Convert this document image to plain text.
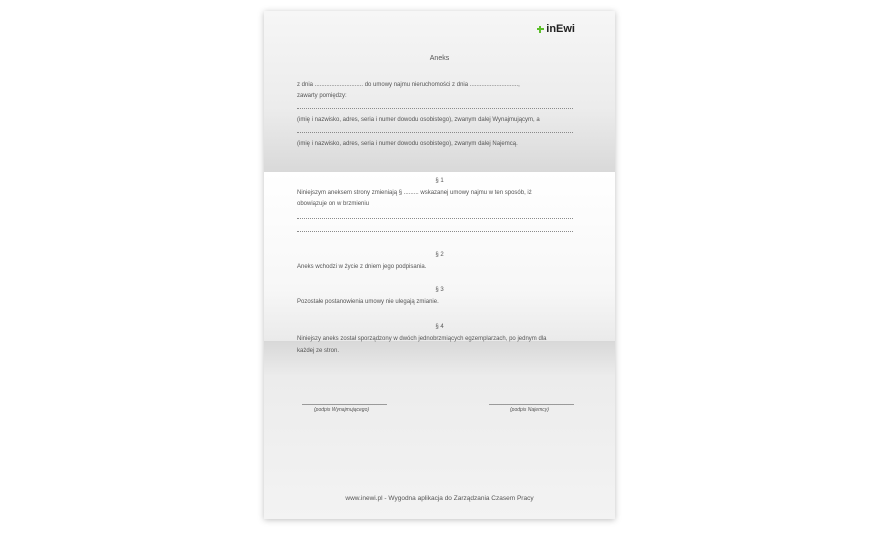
inEwi
Aneks
z dnia ............................. do umowy najmu nieruchomości z dnia .............................,
zawarty pomiędzy:
(imię i nazwisko, adres, seria i numer dowodu osobistego), zwanym dalej Wynajmującym, a
(imię i nazwisko, adres, seria i numer dowodu osobistego), zwanym dalej Najemcą.
§ 1
Niniejszym aneksem strony zmieniają § ......... wskazanej umowy najmu w ten sposób, iż
obowiązuje on w brzmieniu
§ 2
Aneks wchodzi w życie z dniem jego podpisania.
§ 3
Pozostałe postanowienia umowy nie ulegają zmianie.
§ 4
Niniejszy aneks został sporządzony w dwóch jednobrzmiących egzemplarzach, po jednym dla
każdej ze stron.
(podpis Wynajmującego)	(podpis Najemcy)
www.inewi.pl - Wygodna aplikacja do Zarządzania Czasem Pracy
